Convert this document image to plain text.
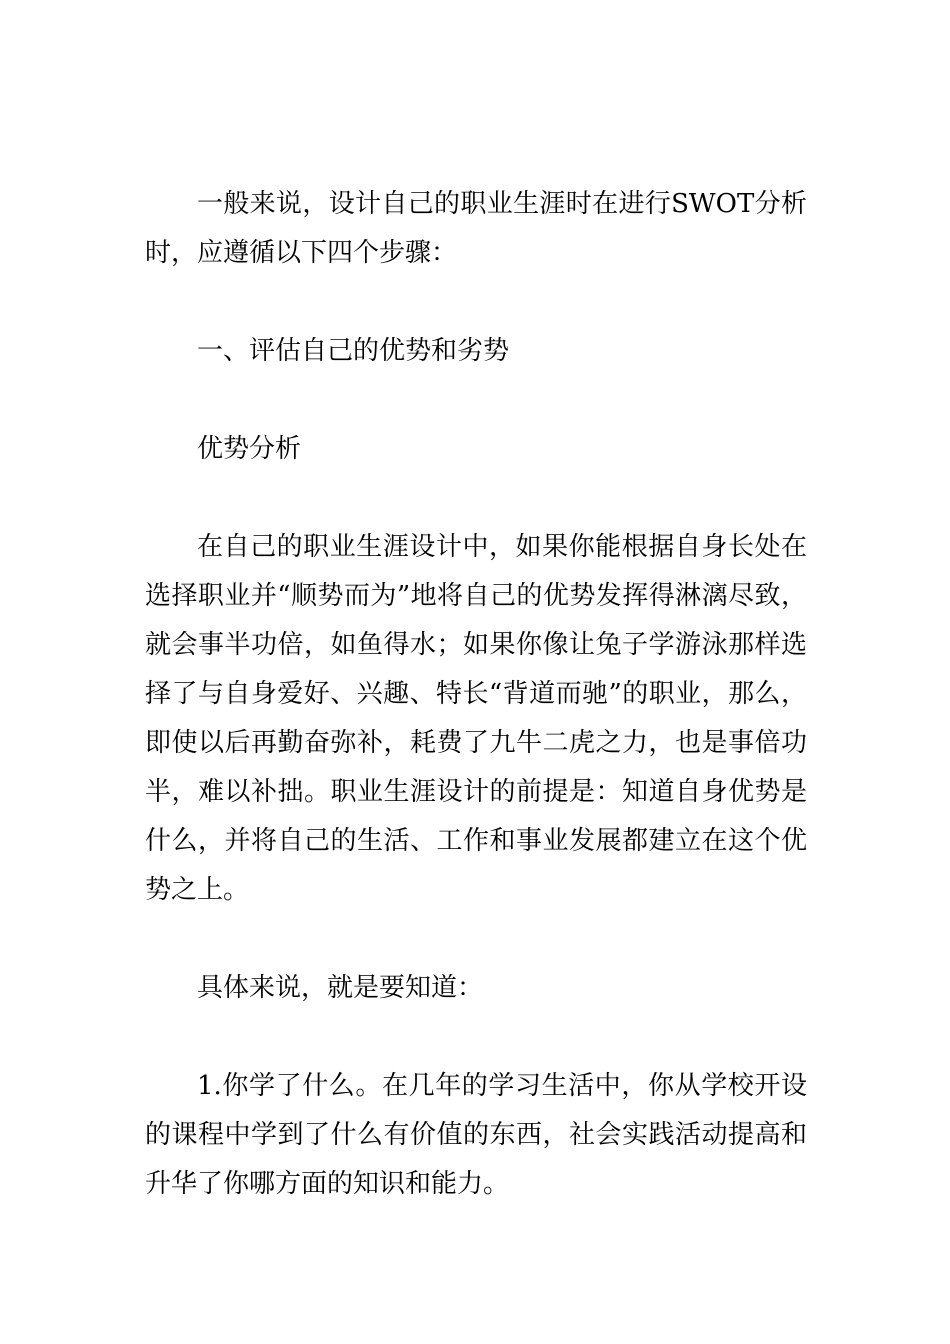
一般来说，设计自己的职业生涯时在进行SWOT分析时，应遵循以下四个步骤：

一、评估自己的优势和劣势

优势分析

在自己的职业生涯设计中，如果你能根据自身长处在选择职业并“顺势而为”地将自己的优势发挥得淋漓尽致，就会事半功倍，如鱼得水；如果你像让兔子学游泳那样选择了与自身爱好、兴趣、特长“背道而驰”的职业，那么，即使以后再勤奋弥补，耗费了九牛二虎之力，也是事倍功半，难以补拙。职业生涯设计的前提是：知道自身优势是什么，并将自己的生活、工作和事业发展都建立在这个优势之上。

具体来说，就是要知道：

1.你学了什么。在几年的学习生活中，你从学校开设的课程中学到了什么有价值的东西，社会实践活动提高和升华了你哪方面的知识和能力。
